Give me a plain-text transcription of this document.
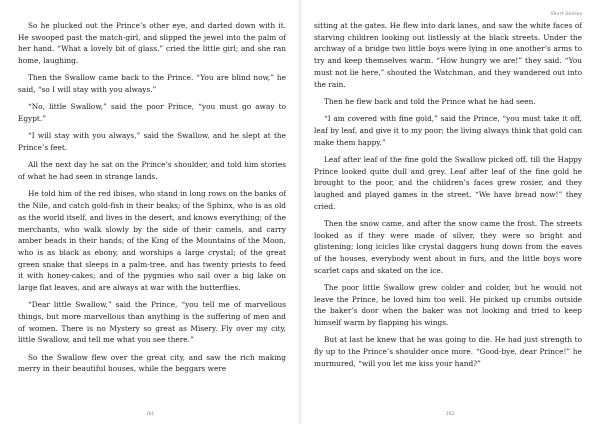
So he plucked out the Prince’s other eye, and darted down with it. He swooped past the match-girl, and slipped the jewel into the palm of her hand. “What a lovely bit of glass,” cried the little girl; and she ran home, laughing.

Then the Swallow came back to the Prince. “You are blind now,” he said, “so I will stay with you always.”

“No, little Swallow,” said the poor Prince, “you must go away to Egypt.”

“I will stay with you always,” said the Swallow, and he slept at the Prince’s feet.

All the next day he sat on the Prince’s shoulder, and told him stories of what he had seen in strange lands.

He told him of the red ibises, who stand in long rows on the banks of the Nile, and catch gold-fish in their beaks; of the Sphinx, who is as old as the world itself, and lives in the desert, and knows everything; of the merchants, who walk slowly by the side of their camels, and carry amber beads in their hands; of the King of the Mountains of the Moon, who is as black as ebony, and worships a large crystal; of the great green snake that sleeps in a palm-tree, and has twenty priests to feed it with honey-cakes; and of the pygmies who sail over a big lake on large flat leaves, and are always at war with the butterflies.

“Dear little Swallow,” said the Prince, “you tell me of marvellous things, but more marvellous than anything is the suffering of men and of women. There is no Mystery so great as Misery. Fly over my city, little Swallow, and tell me what you see there.”

So the Swallow flew over the great city, and saw the rich making merry in their beautiful houses, while the beggars were

161
Short Stories

sitting at the gates. He flew into dark lanes, and saw the white faces of starving children looking out listlessly at the black streets. Under the archway of a bridge two little boys were lying in one another’s arms to try and keep themselves warm. “How hungry we are!” they said. “You must not lie here,” shouted the Watchman, and they wandered out into the rain.

Then he flew back and told the Prince what he had seen.

“I am covered with fine gold,” said the Prince, “you must take it off, leaf by leaf, and give it to my poor; the living always think that gold can make them happy.”

Leaf after leaf of the fine gold the Swallow picked off, till the Happy Prince looked quite dull and grey. Leaf after leaf of the fine gold he brought to the poor, and the children’s faces grew rosier, and they laughed and played games in the street. “We have bread now!” they cried.

Then the snow came, and after the snow came the frost. The streets looked as if they were made of silver, they were so bright and glistening; long icicles like crystal daggers hung down from the eaves of the houses, everybody went about in furs, and the little boys wore scarlet caps and skated on the ice.

The poor little Swallow grew colder and colder, but he would not leave the Prince, he loved him too well. He picked up crumbs outside the baker’s door when the baker was not looking and tried to keep himself warm by flapping his wings.

But at last he knew that he was going to die. He had just strength to fly up to the Prince’s shoulder once more. “Good-bye, dear Prince!” he murmured, “will you let me kiss your hand?”

162
